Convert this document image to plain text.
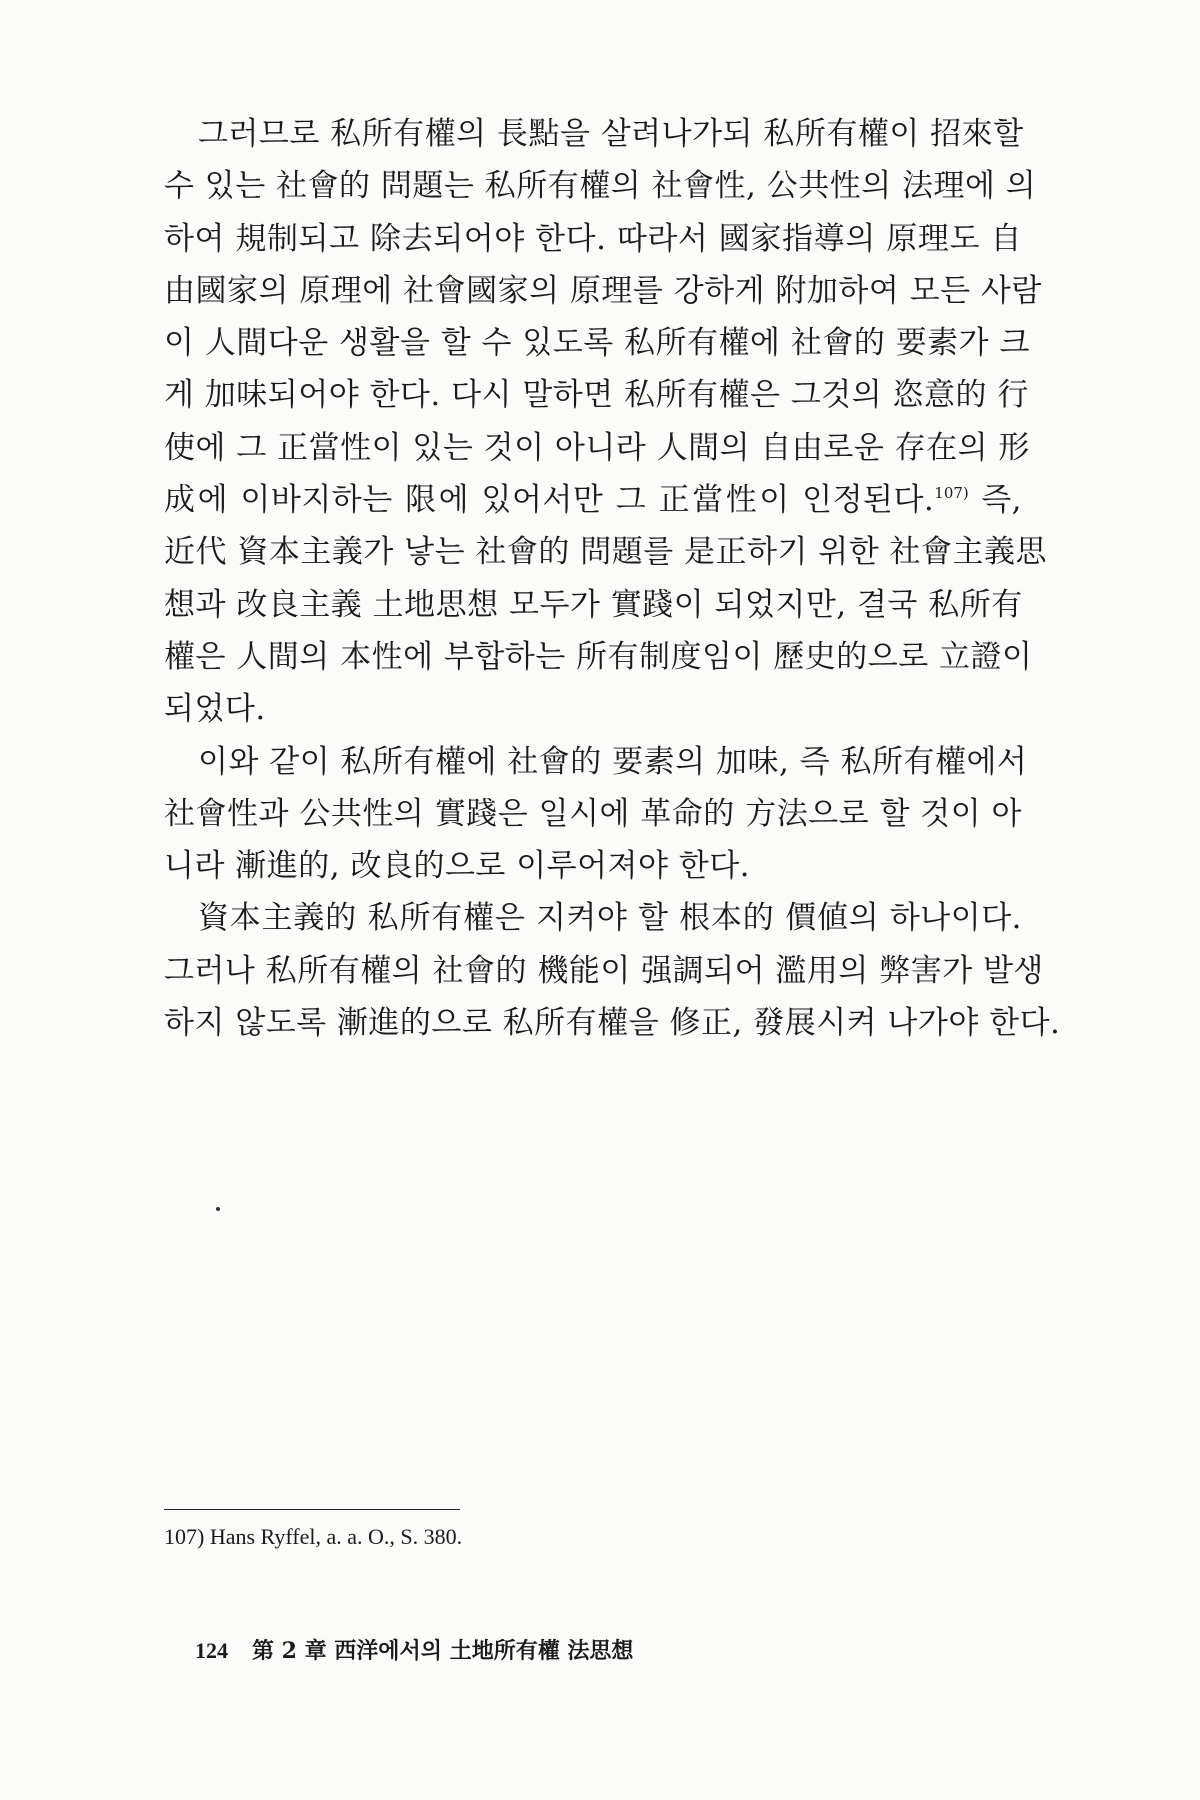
그러므로 私所有權의 長點을 살려나가되 私所有權이 招來할
수 있는 社會的 問題는 私所有權의 社會性, 公共性의 法理에 의
하여 規制되고 除去되어야 한다. 따라서 國家指導의 原理도 自
由國家의 原理에 社會國家의 原理를 강하게 附加하여 모든 사람
이 人間다운 생활을 할 수 있도록 私所有權에 社會的 要素가 크
게 加味되어야 한다. 다시 말하면 私所有權은 그것의 恣意的 行
使에 그 正當性이 있는 것이 아니라 人間의 自由로운 存在의 形
成에 이바지하는 限에 있어서만 그 正當性이 인정된다.$^{107)}$ 즉,
近代 資本主義가 낳는 社會的 問題를 是正하기 위한 社會主義思
想과 改良主義 土地思想 모두가 實踐이 되었지만, 결국 私所有
權은 人間의 本性에 부합하는 所有制度임이 歷史的으로 立證이
되었다.
이와 같이 私所有權에 社會的 要素의 加味, 즉 私所有權에서
社會性과 公共性의 實踐은 일시에 革命的 方法으로 할 것이 아
니라 漸進的, 改良的으로 이루어져야 한다.
資本主義的 私所有權은 지켜야 할 根本的 價値의 하나이다.
그러나 私所有權의 社會的 機能이 强調되어 濫用의 弊害가 발생
하지 않도록 漸進的으로 私所有權을 修正, 發展시켜 나가야 한다.
107) Hans Ryffel, a. a. O., S. 380.
124 第 2 章 西洋에서의 土地所有權 法思想
